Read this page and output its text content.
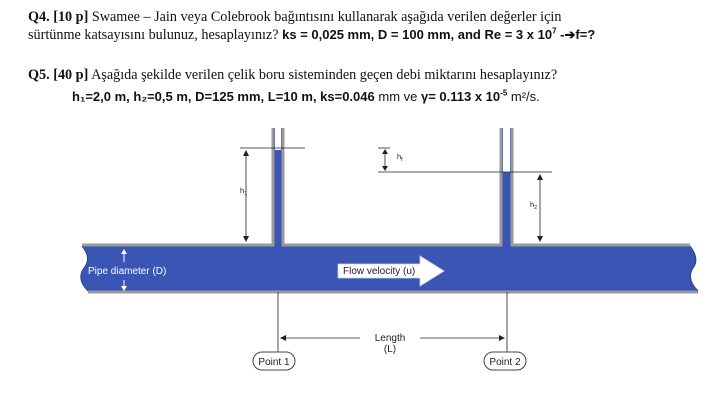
Q4. [10 p] Swamee – Jain veya Colebrook bağıntısını kullanarak aşağıda verilen değerler için
sürtünme katsayısını bulunuz, hesaplayınız? ks = 0,025 mm, D = 100 mm, and Re = 3 x $10^7$ -➔f=?
Q5. [40 p] Aşağıda şekilde verilen çelik boru sisteminden geçen debi miktarını hesaplayınız?
h₁=2,0 m, h₂=0,5 m, D=125 mm, L=10 m, ks=0.046 mm ve γ= 0.113 x $10^{-5}$ m²/s.
$h_1$
$h_f$
$h_2$
Pipe diameter (D)	Flow velocity (u)
Length
(L)
Point 1	Point 2
